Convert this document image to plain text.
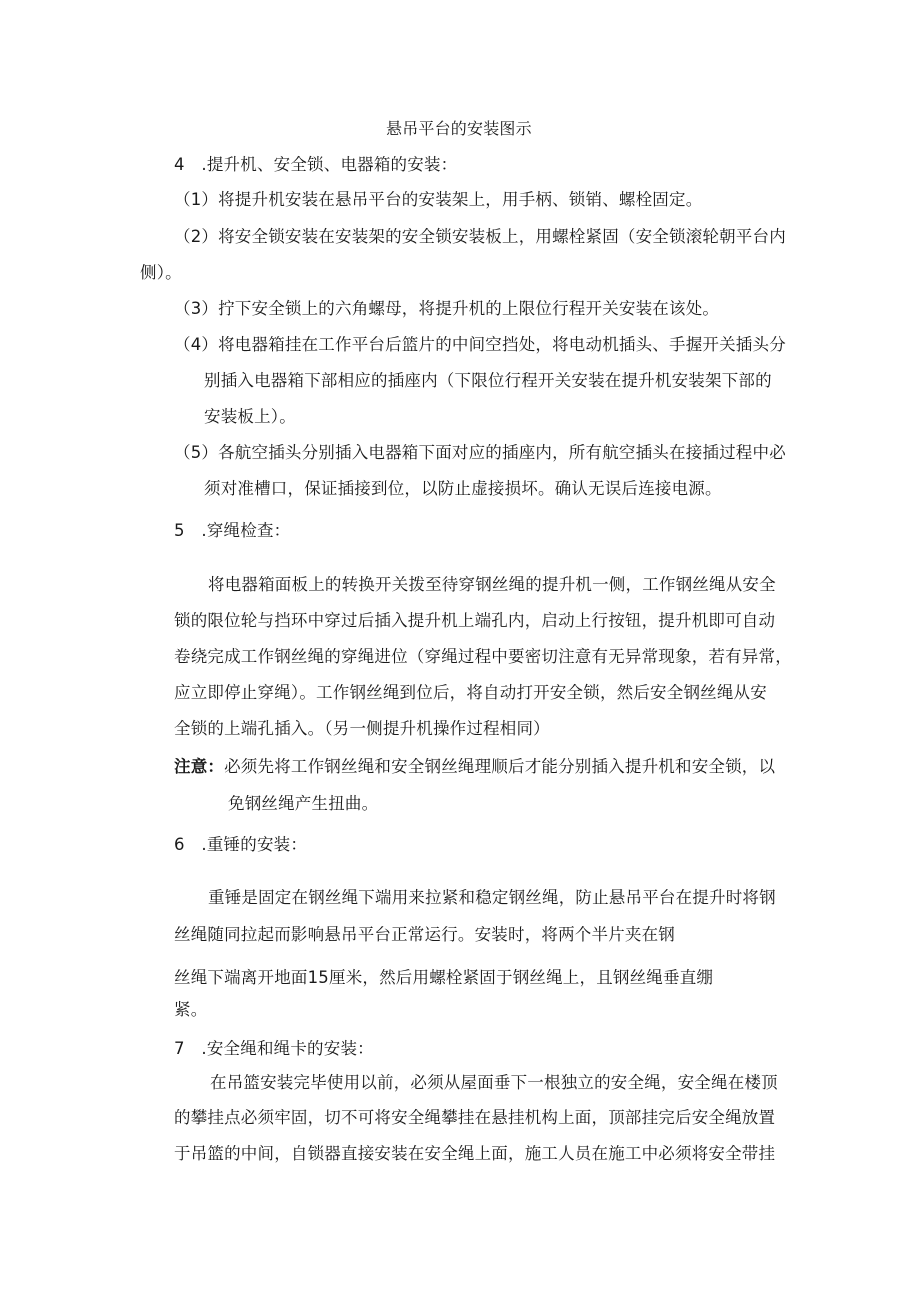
悬吊平台的安装图示
4　.提升机、安全锁、电器箱的安装：
（1）将提升机安装在悬吊平台的安装架上，用手柄、锁销、螺栓固定。
（2）将安全锁安装在安装架的安全锁安装板上，用螺栓紧固（安全锁滚轮朝平台内
侧）。
（3）拧下安全锁上的六角螺母，将提升机的上限位行程开关安装在该处。
（4）将电器箱挂在工作平台后篮片的中间空挡处，将电动机插头、手握开关插头分
别插入电器箱下部相应的插座内（下限位行程开关安装在提升机安装架下部的
安装板上）。
（5）各航空插头分别插入电器箱下面对应的插座内，所有航空插头在接插过程中必
须对准槽口，保证插接到位，以防止虚接损坏。确认无误后连接电源。
5　.穿绳检查：
将电器箱面板上的转换开关拨至待穿钢丝绳的提升机一侧，工作钢丝绳从安全
锁的限位轮与挡环中穿过后插入提升机上端孔内，启动上行按钮，提升机即可自动
卷绕完成工作钢丝绳的穿绳进位（穿绳过程中要密切注意有无异常现象，若有异常，
应立即停止穿绳）。工作钢丝绳到位后，将自动打开安全锁，然后安全钢丝绳从安
全锁的上端孔插入。（另一侧提升机操作过程相同）
注意：必须先将工作钢丝绳和安全钢丝绳理顺后才能分别插入提升机和安全锁，以
免钢丝绳产生扭曲。
6　.重锤的安装：
重锤是固定在钢丝绳下端用来拉紧和稳定钢丝绳，防止悬吊平台在提升时将钢
丝绳随同拉起而影响悬吊平台正常运行。安装时，将两个半片夹在钢
丝绳下端离开地面15厘米，然后用螺栓紧固于钢丝绳上，且钢丝绳垂直绷
紧。
7　.安全绳和绳卡的安装：
在吊篮安装完毕使用以前，必须从屋面垂下一根独立的安全绳，安全绳在楼顶
的攀挂点必须牢固，切不可将安全绳攀挂在悬挂机构上面，顶部挂完后安全绳放置
于吊篮的中间，自锁器直接安装在安全绳上面，施工人员在施工中必须将安全带挂
